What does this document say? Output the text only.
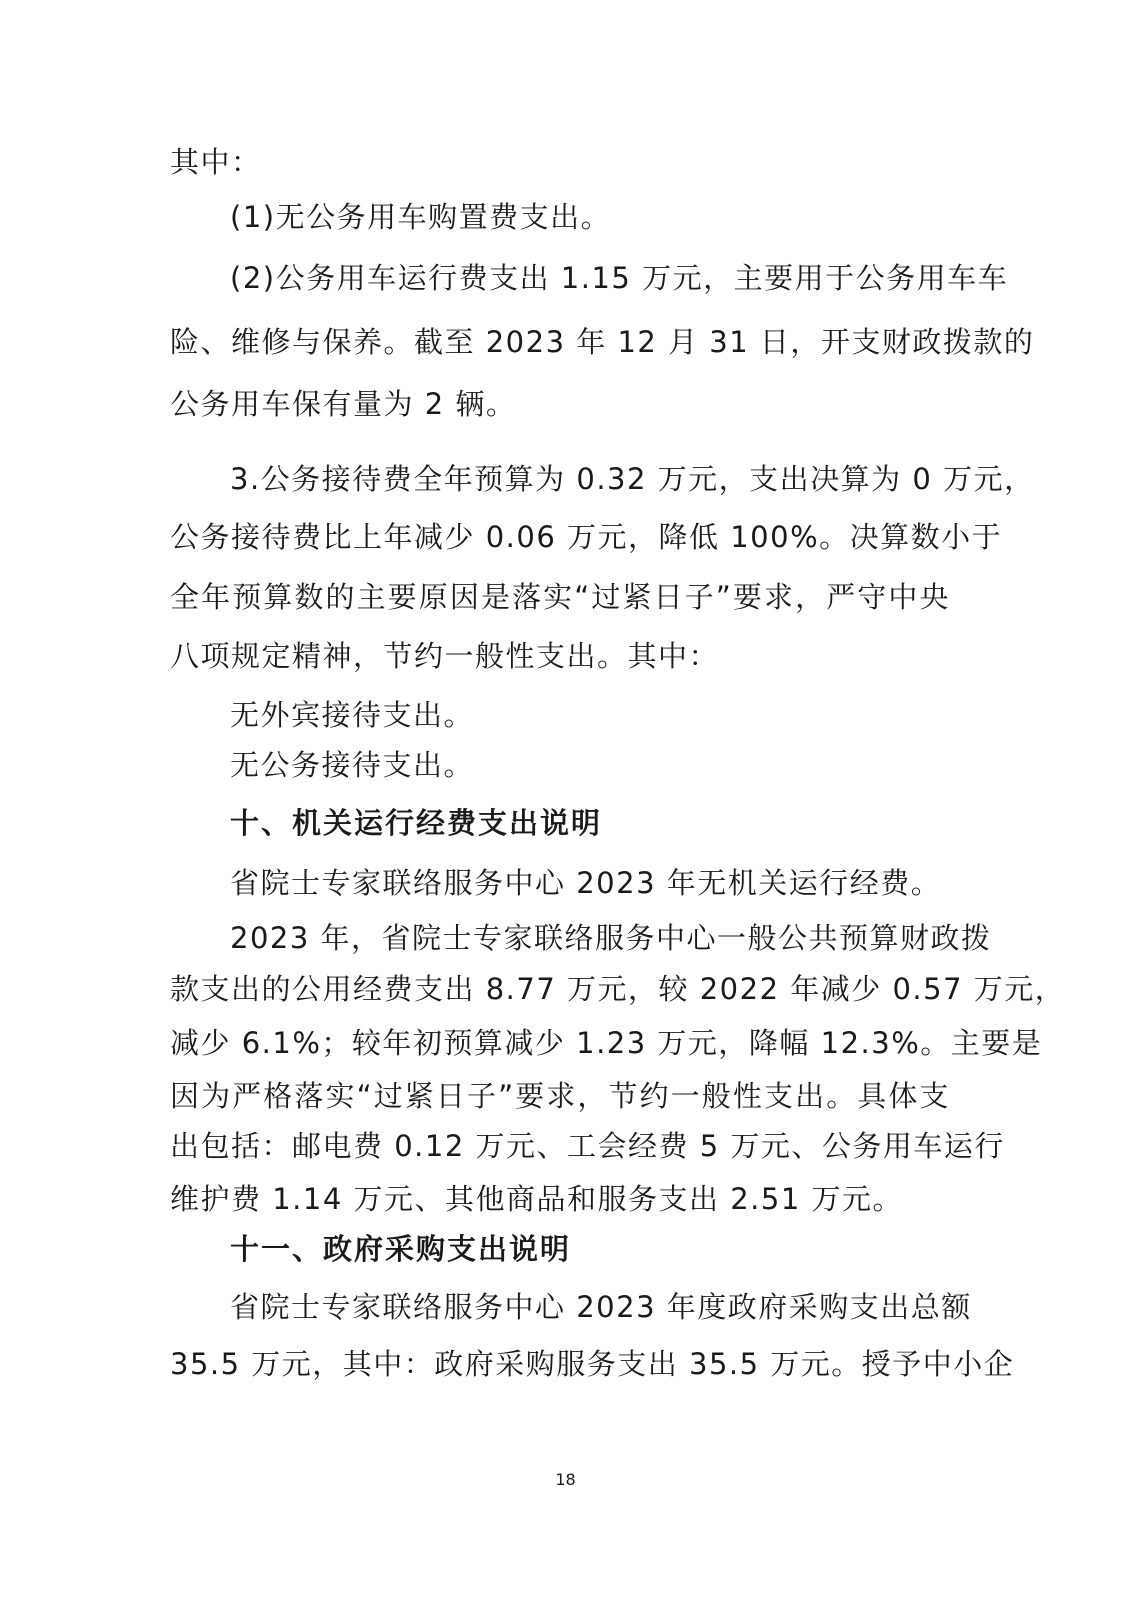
其中：
(1)无公务用车购置费支出。
(2)公务用车运行费支出 1.15 万元，主要用于公务用车车
险、维修与保养。截至 2023 年 12 月 31 日，开支财政拨款的
公务用车保有量为 2 辆。
3.公务接待费全年预算为 0.32 万元，支出决算为 0 万元，
公务接待费比上年减少 0.06 万元，降低 100%。决算数小于
全年预算数的主要原因是落实“过紧日子”要求，严守中央
八项规定精神，节约一般性支出。其中：
无外宾接待支出。
无公务接待支出。
十、机关运行经费支出说明
省院士专家联络服务中心 2023 年无机关运行经费。
2023 年，省院士专家联络服务中心一般公共预算财政拨
款支出的公用经费支出 8.77 万元，较 2022 年减少 0.57 万元，
减少 6.1%；较年初预算减少 1.23 万元，降幅 12.3%。主要是
因为严格落实“过紧日子”要求，节约一般性支出。具体支
出包括：邮电费 0.12 万元、工会经费 5 万元、公务用车运行
维护费 1.14 万元、其他商品和服务支出 2.51 万元。
十一、政府采购支出说明
省院士专家联络服务中心 2023 年度政府采购支出总额
35.5 万元，其中：政府采购服务支出 35.5 万元。授予中小企
18
